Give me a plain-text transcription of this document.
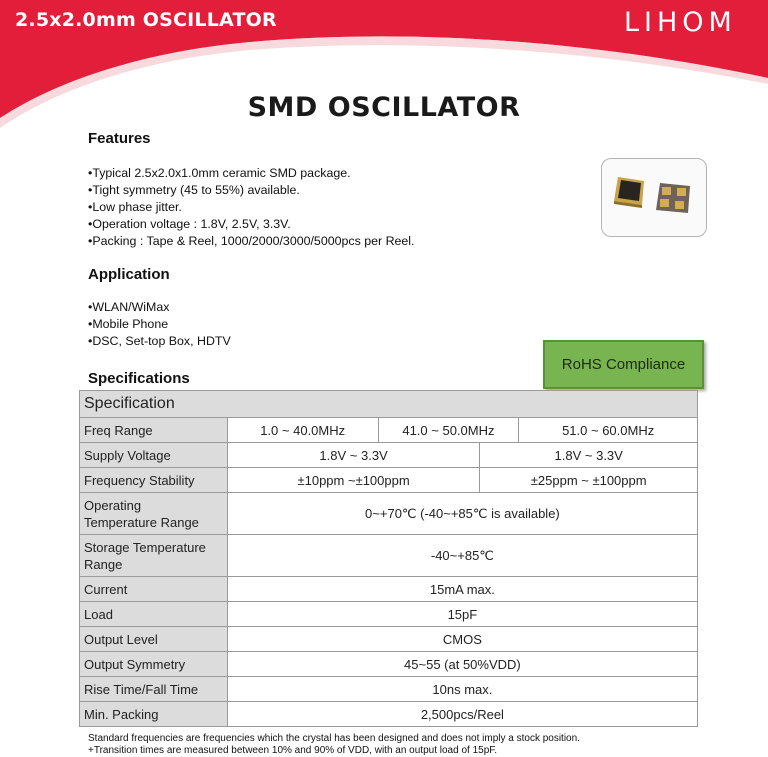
2.5x2.0mm OSCILLATOR	LIHOM
SMD OSCILLATOR
Features
•Typical 2.5x2.0x1.0mm ceramic SMD package.
•Tight symmetry (45 to 55%) available.
•Low phase jitter.
•Operation voltage : 1.8V, 2.5V, 3.3V.
•Packing : Tape & Reel, 1000/2000/3000/5000pcs per Reel.
Application
•WLAN/WiMax
•Mobile Phone
•DSC, Set-top Box, HDTV
RoHS Compliance
Specifications
Specification				
Freq Range	1.0 ~ 40.0MHz	41.0 ~ 50.0MHz		51.0 ~ 60.0MHz
Supply Voltage	1.8V ~ 3.3V		1.8V ~ 3.3V	
Frequency Stability	±10ppm ~±100ppm		±25ppm ~ ±100ppm	
Operating
Temperature Range	0~+70℃ (-40~+85℃ is available)			
Storage Temperature
Range	-40~+85℃			
Current	15mA max.			
Load	15pF			
Output Level	CMOS			
Output Symmetry	45~55 (at 50%VDD)			
Rise Time/Fall Time	10ns max.			
Min. Packing	2,500pcs/Reel			
Standard frequencies are frequencies which the crystal has been designed and does not imply a stock position.
+Transition times are measured between 10% and 90% of VDD, with an output load of 15pF.
